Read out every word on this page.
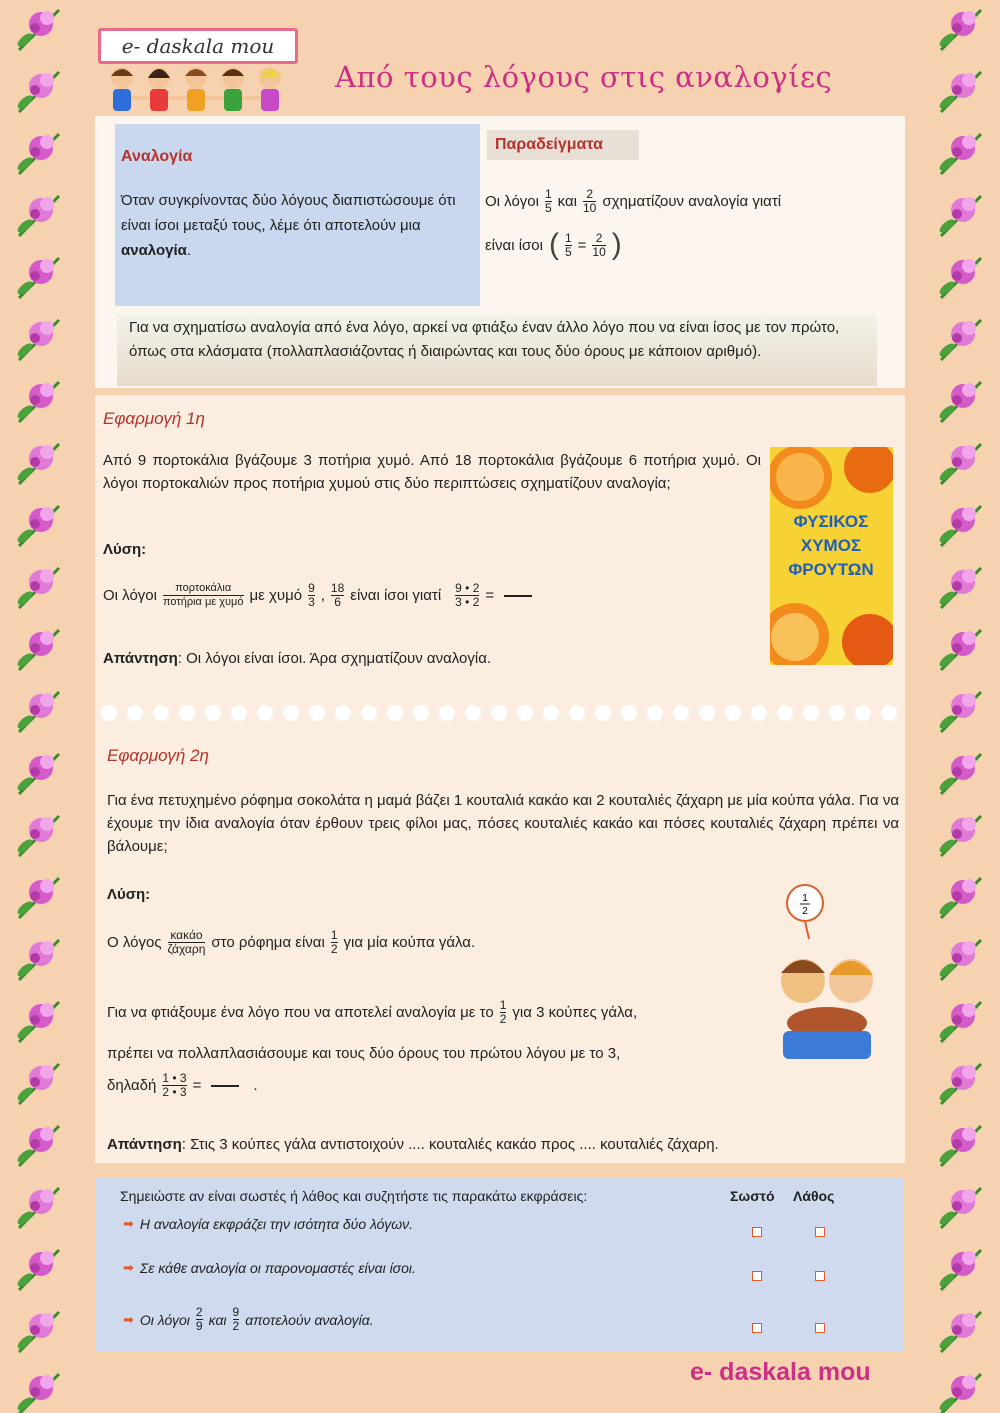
e- daskala mou
Από τους λόγους στις αναλογίες
Αναλογία
Όταν συγκρίνοντας δύο λόγους διαπιστώσουμε ότι είναι ίσοι μεταξύ τους, λέμε ότι αποτελούν μια αναλογία.
Παραδείγματα
Οι λόγοι $\frac{1}{5}$ και $\frac{2}{10}$ σχηματίζουν αναλογία γιατί
είναι ίσοι ( $\frac{1}{5} = \frac{2}{10}$ )
Για να σχηματίσω αναλογία από ένα λόγο, αρκεί να φτιάξω έναν άλλο λόγο που να είναι ίσος με τον πρώτο, όπως στα κλάσματα (πολλαπλασιάζοντας ή διαιρώντας και τους δύο όρους με κάποιον αριθμό).
Εφαρμογή 1η
Από 9 πορτοκάλια βγάζουμε 3 ποτήρια χυμό. Από 18 πορτοκάλια βγάζουμε 6 ποτήρια χυμό. Οι λόγοι πορτοκαλιών προς ποτήρια χυμού στις δύο περιπτώσεις σχηματίζουν αναλογία;
Λύση:
Οι λόγοι $\frac{\text{πορτοκάλια}}{\text{ποτήρια με χυμό}}$ με χυμό $\frac{9}{3}$ , $\frac{18}{6}$ είναι ίσοι γιατί $\frac{9 • 2}{3 • 2}$ =
Απάντηση: Οι λόγοι είναι ίσοι. Άρα σχηματίζουν αναλογία.
ΦΥΣΙΚΟΣ
ΧΥΜΟΣ
ΦΡΟΥΤΩΝ
Εφαρμογή 2η
Για ένα πετυχημένο ρόφημα σοκολάτα η μαμά βάζει 1 κουταλιά κακάο και 2 κουταλιές ζάχαρη με μία κούπα γάλα. Για να έχουμε την ίδια αναλογία όταν έρθουν τρεις φίλοι μας, πόσες κουταλιές κακάο και πόσες κουταλιές ζάχαρη πρέπει να βάλουμε;
Λύση:
Ο λόγος $\frac{\text{κακάο}}{\text{ζάχαρη}}$ στο ρόφημα είναι $\frac{1}{2}$ για μία κούπα γάλα.
Για να φτιάξουμε ένα λόγο που να αποτελεί αναλογία με το $\frac{1}{2}$ για 3 κούπες γάλα,
πρέπει να πολλαπλασιάσουμε και τους δύο όρους του πρώτου λόγου με το 3,
δηλαδή $\frac{1 • 3}{2 • 3}$ =	.
Απάντηση: Στις 3 κούπες γάλα αντιστοιχούν .... κουταλιές κακάο προς .... κουταλιές ζάχαρη.
1
2
Σημειώστε αν είναι σωστές ή λάθος και συζητήστε τις παρακάτω εκφράσεις:	Σωστό Λάθος
➡ Η αναλογία εκφράζει την ισότητα δύο λόγων.
➡ Σε κάθε αναλογία οι παρονομαστές είναι ίσοι.
➡ Οι λόγοι $\frac{2}{9}$ και $\frac{9}{2}$ αποτελούν αναλογία.
e- daskala mou
